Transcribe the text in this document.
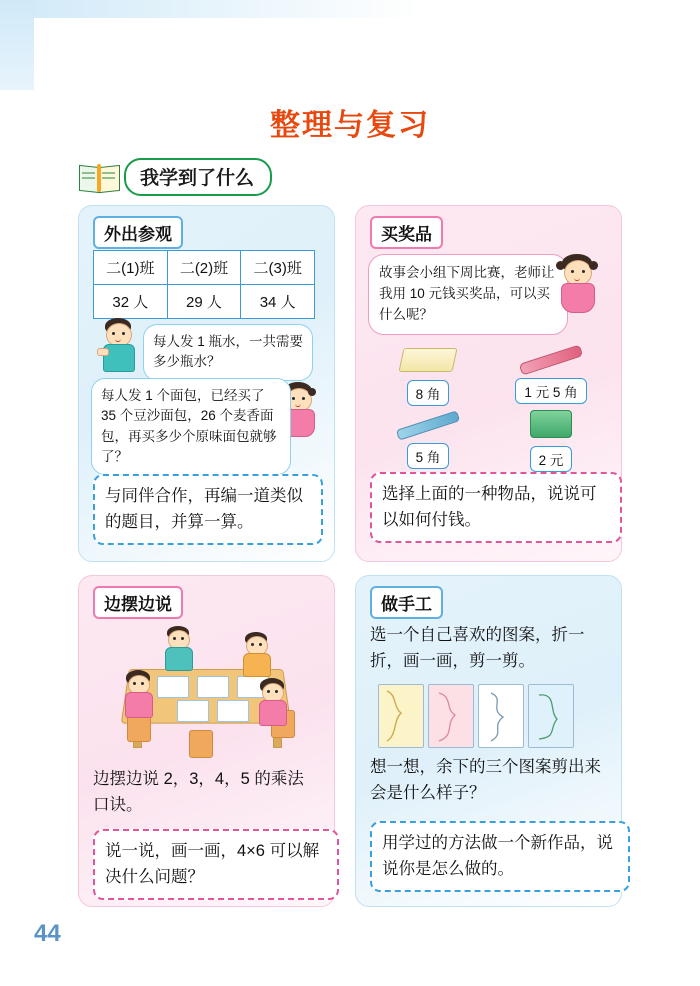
整理与复习
我学到了什么
外出参观
二(1)班	二(2)班	二(3)班
32 人	29 人	34 人
每人发 1 瓶水，一共需要多少瓶水？
每人发 1 个面包，已经买了 35 个豆沙面包，26 个麦香面包，再买多少个原味面包就够了？
与同伴合作，再编一道类似的题目，并算一算。
买奖品
故事会小组下周比赛，老师让我用 10 元钱买奖品，可以买什么呢？
8 角	1 元 5 角
5 角	2 元
选择上面的一种物品，说说可以如何付钱。
边摆边说
边摆边说 2，3，4，5 的乘法口诀。
说一说，画一画，4×6 可以解决什么问题？
做手工
选一个自己喜欢的图案，折一折，画一画，剪一剪。
想一想，余下的三个图案剪出来会是什么样子？
用学过的方法做一个新作品，说说你是怎么做的。
44
